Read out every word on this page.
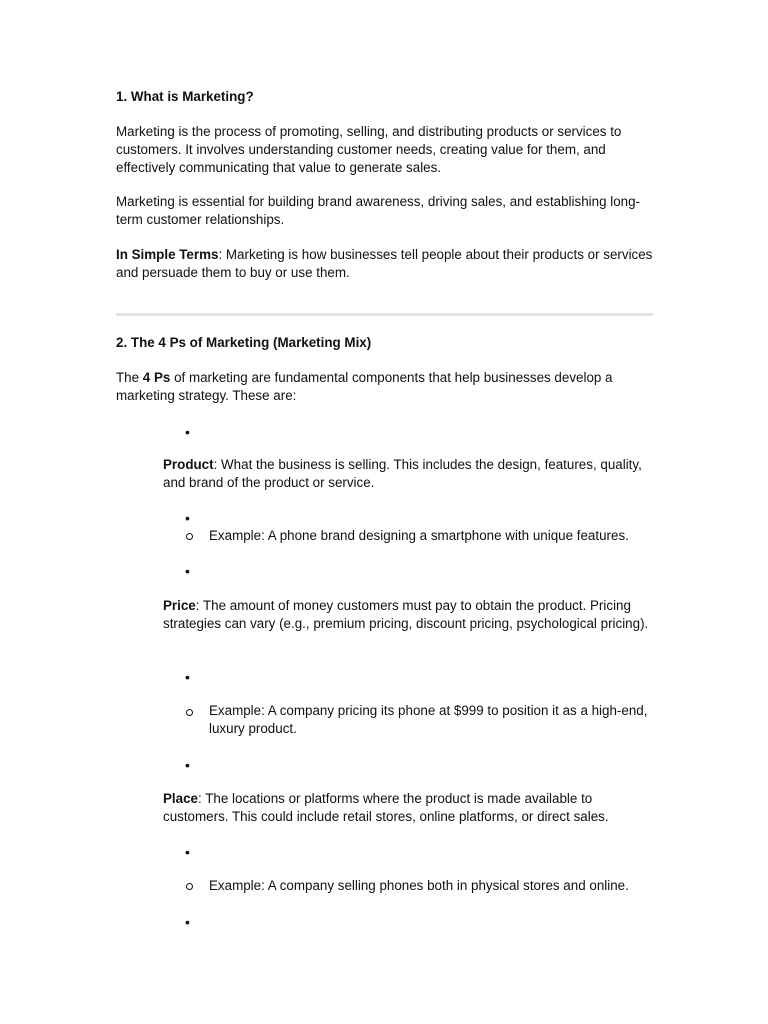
1. What is Marketing?

Marketing is the process of promoting, selling, and distributing products or services to customers. It involves understanding customer needs, creating value for them, and effectively communicating that value to generate sales.

Marketing is essential for building brand awareness, driving sales, and establishing long-term customer relationships.

In Simple Terms: Marketing is how businesses tell people about their products or services and persuade them to buy or use them.

2. The 4 Ps of Marketing (Marketing Mix)

The 4 Ps of marketing are fundamental components that help businesses develop a marketing strategy. These are:

•

Product: What the business is selling. This includes the design, features, quality, and brand of the product or service.

•

Example: A phone brand designing a smartphone with unique features.

•

Price: The amount of money customers must pay to obtain the product. Pricing strategies can vary (e.g., premium pricing, discount pricing, psychological pricing).

•

Example: A company pricing its phone at $999 to position it as a high-end, luxury product.

•

Place: The locations or platforms where the product is made available to customers. This could include retail stores, online platforms, or direct sales.

•

Example: A company selling phones both in physical stores and online.

•
